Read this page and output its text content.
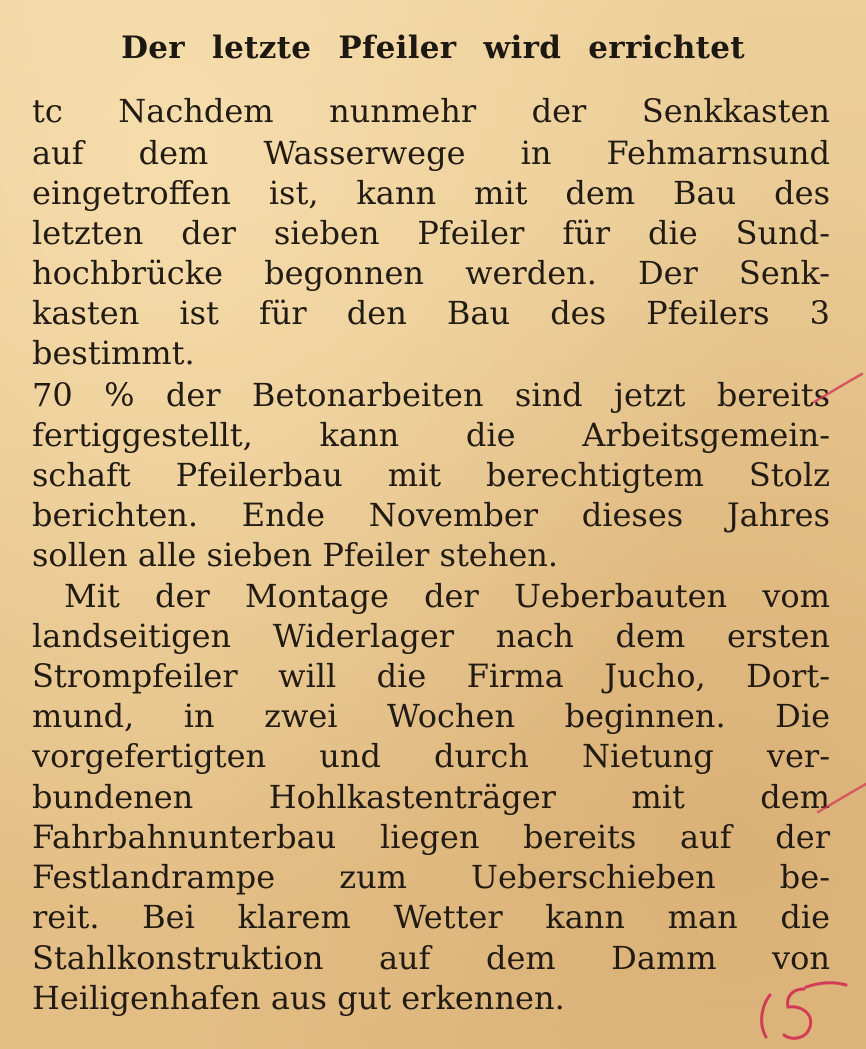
Der letzte Pfeiler wird errichtet
tc Nachdem nunmehr der Senkkasten
auf dem Wasserwege in Fehmarnsund
eingetroffen ist, kann mit dem Bau des
letzten der sieben Pfeiler für die Sund-
hochbrücke begonnen werden. Der Senk-
kasten ist für den Bau des Pfeilers 3
bestimmt.
70 % der Betonarbeiten sind jetzt bereits
fertiggestellt, kann die Arbeitsgemein-
schaft Pfeilerbau mit berechtigtem Stolz
berichten. Ende November dieses Jahres
sollen alle sieben Pfeiler stehen.
Mit der Montage der Ueberbauten vom
landseitigen Widerlager nach dem ersten
Strompfeiler will die Firma Jucho, Dort-
mund, in zwei Wochen beginnen. Die
vorgefertigten und durch Nietung ver-
bundenen Hohlkastenträger mit dem
Fahrbahnunterbau liegen bereits auf der
Festlandrampe zum Ueberschieben be-
reit. Bei klarem Wetter kann man die
Stahlkonstruktion auf dem Damm von
Heiligenhafen aus gut erkennen.
